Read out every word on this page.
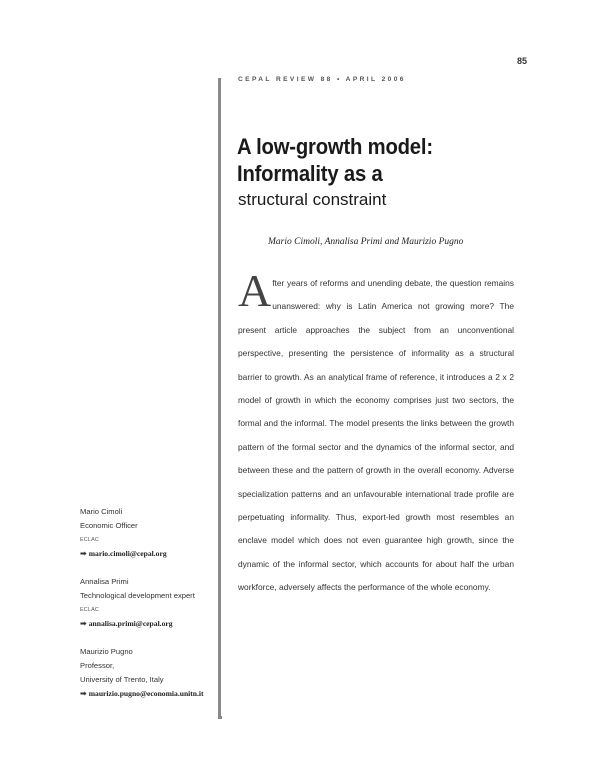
85
CEPAL REVIEW 88 • APRIL 2006
A low-growth model:
Informality as a
structural constraint
Mario Cimoli, Annalisa Primi and Maurizio Pugno
After years of reforms and unending debate, the question remains unanswered: why is Latin America not growing more? The present article approaches the subject from an unconventional perspective, presenting the persistence of informality as a structural barrier to growth. As an analytical frame of reference, it introduces a 2 x 2 model of growth in which the economy comprises just two sectors, the formal and the informal. The model presents the links between the growth pattern of the formal sector and the dynamics of the informal sector, and between these and the pattern of growth in the overall economy. Adverse specialization patterns and an unfavourable international trade profile are perpetuating informality. Thus, export-led growth most resembles an enclave model which does not even guarantee high growth, since the dynamic of the informal sector, which accounts for about half the urban workforce, adversely affects the performance of the whole economy.
Mario Cimoli
Economic Officer
ECLAC
➡ mario.cimoli@cepal.org
Annalisa Primi
Technological development expert
ECLAC
➡ annalisa.primi@cepal.org
Maurizio Pugno
Professor,
University of Trento, Italy
➡ maurizio.pugno@economia.unitn.it
